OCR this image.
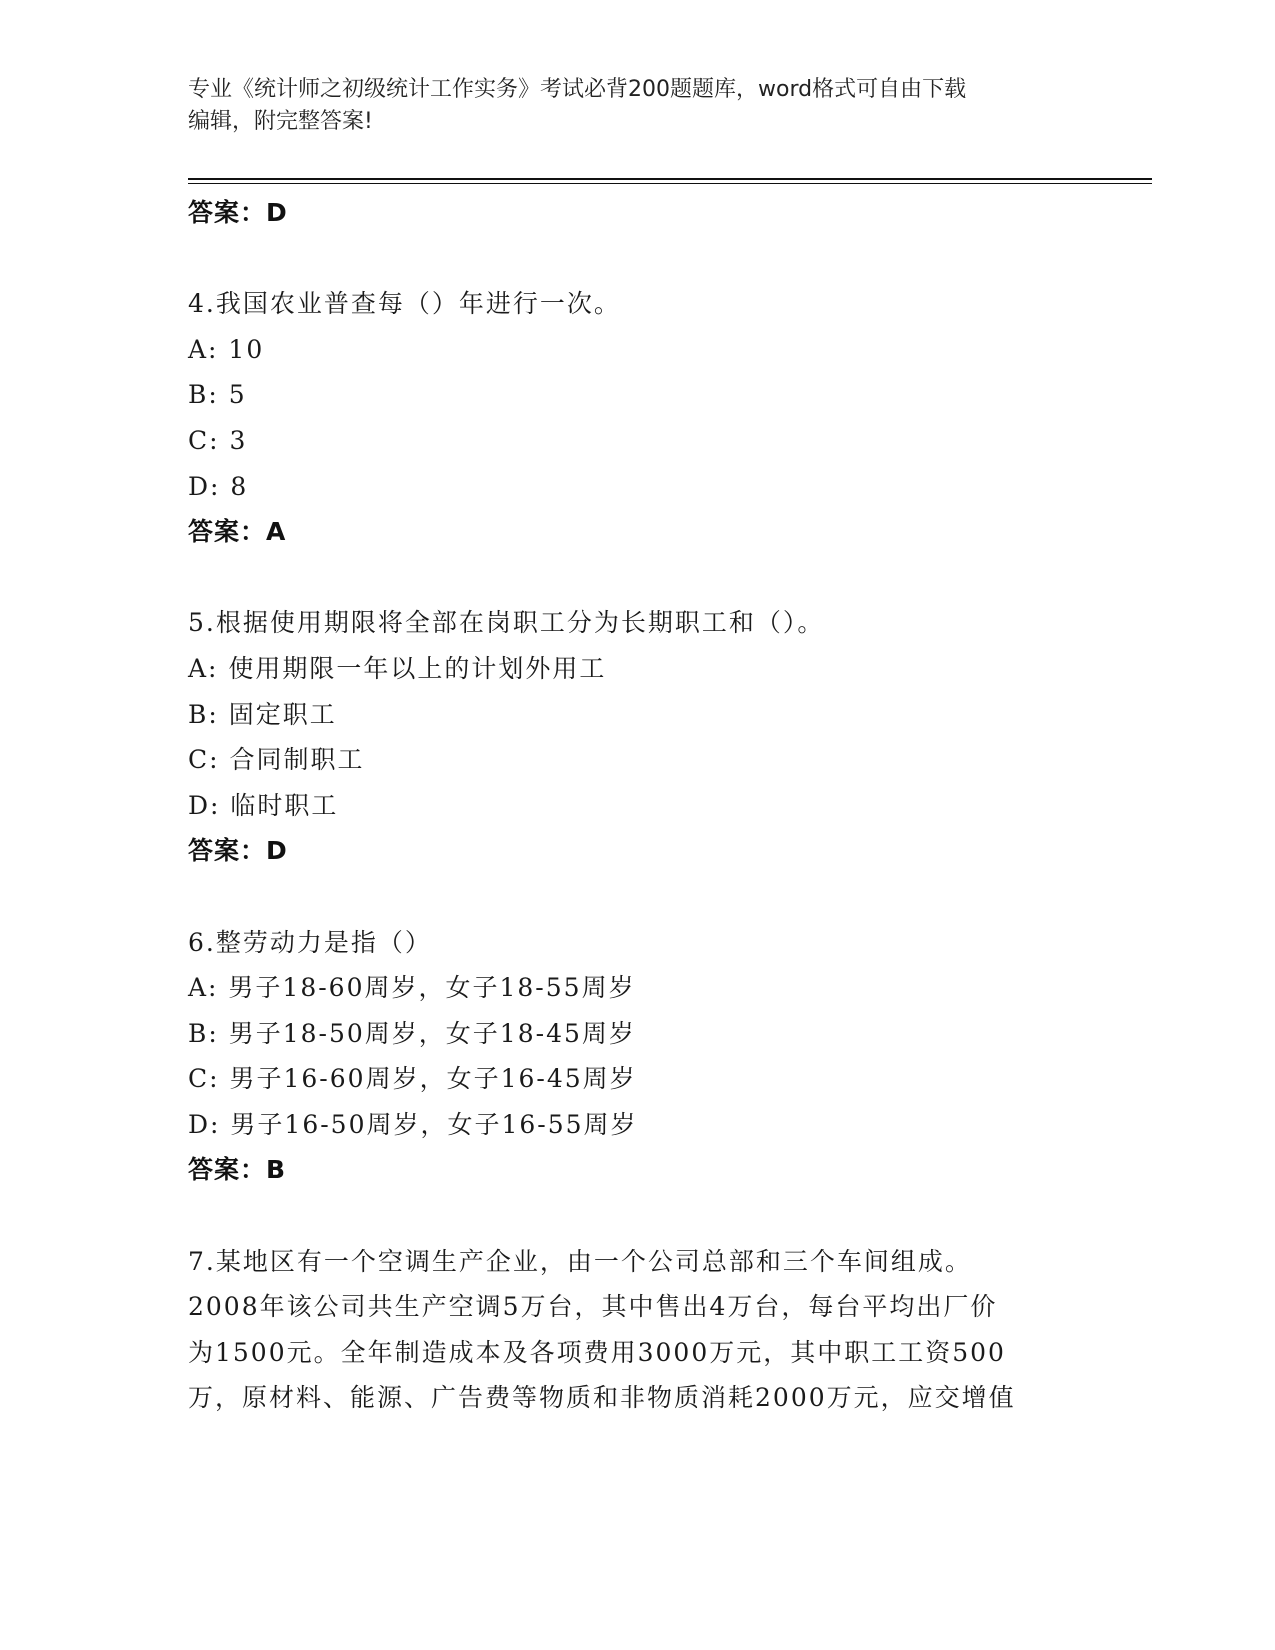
专业《统计师之初级统计工作实务》考试必背200题题库，word格式可自由下载
编辑，附完整答案!
答案：D
4.我国农业普查每（）年进行一次。
A: 10
B: 5
C: 3
D: 8
答案：A
5.根据使用期限将全部在岗职工分为长期职工和（）。
A: 使用期限一年以上的计划外用工
B: 固定职工
C: 合同制职工
D: 临时职工
答案：D
6.整劳动力是指（）
A: 男子18-60周岁，女子18-55周岁
B: 男子18-50周岁，女子18-45周岁
C: 男子16-60周岁，女子16-45周岁
D: 男子16-50周岁，女子16-55周岁
答案：B
7.某地区有一个空调生产企业，由一个公司总部和三个车间组成。
2008年该公司共生产空调5万台，其中售出4万台，每台平均出厂价
为1500元。全年制造成本及各项费用3000万元，其中职工工资500
万，原材料、能源、广告费等物质和非物质消耗2000万元，应交增值
